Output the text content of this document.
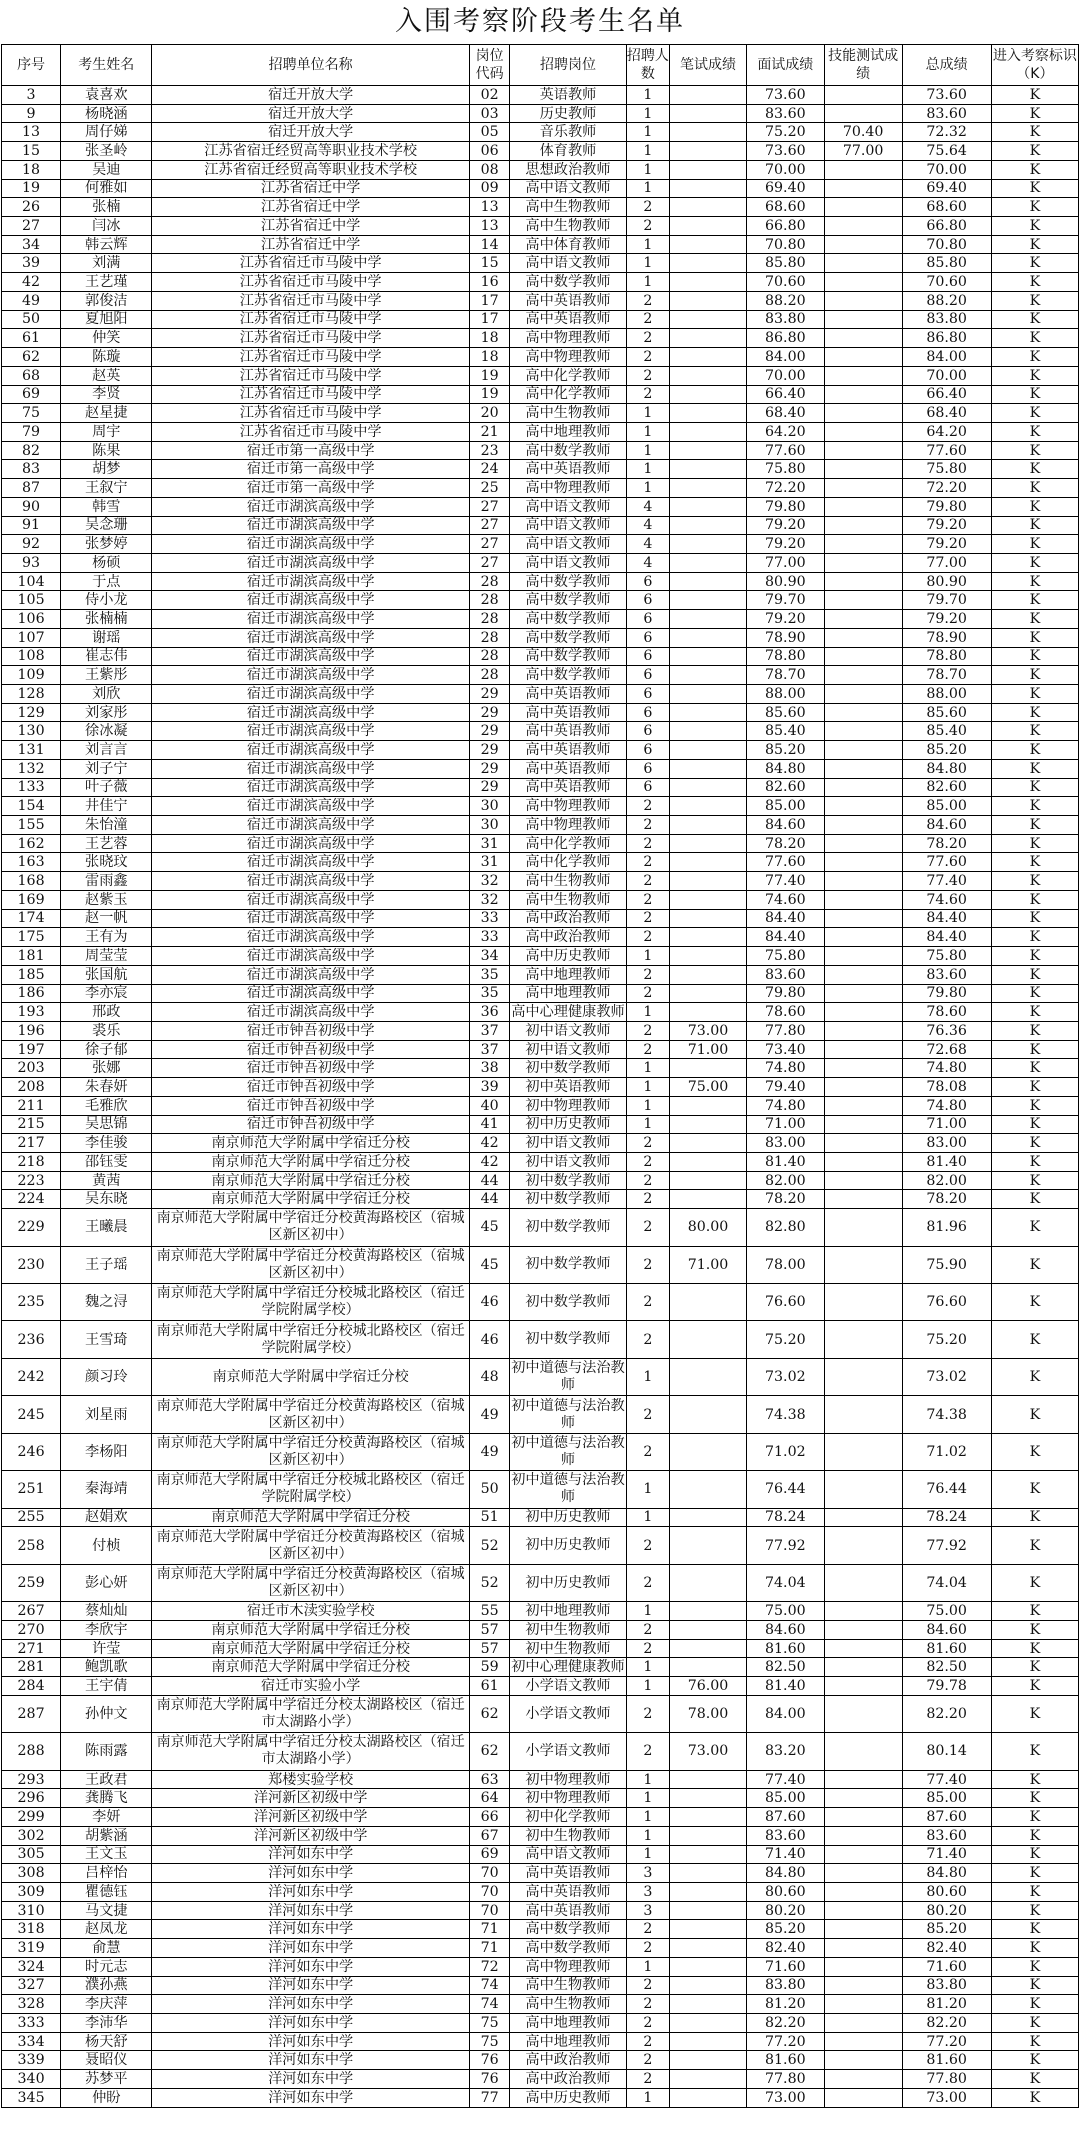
入围考察阶段考生名单
序号	考生姓名	招聘单位名称	岗位代码	招聘岗位	招聘人数	笔试成绩	面试成绩	技能测试成绩	总成绩	进入考察标识（K）
3	袁喜欢	宿迁开放大学	02	英语教师	1		73.60		73.60	K
9	杨晓涵	宿迁开放大学	03	历史教师	1		83.60		83.60	K
13	周仔娣	宿迁开放大学	05	音乐教师	1		75.20	70.40	72.32	K
15	张圣岭	江苏省宿迁经贸高等职业技术学校	06	体育教师	1		73.60	77.00	75.64	K
18	吴迪	江苏省宿迁经贸高等职业技术学校	08	思想政治教师	1		70.00		70.00	K
19	何雅如	江苏省宿迁中学	09	高中语文教师	1		69.40		69.40	K
26	张楠	江苏省宿迁中学	13	高中生物教师	2		68.60		68.60	K
27	闫冰	江苏省宿迁中学	13	高中生物教师	2		66.80		66.80	K
34	韩云辉	江苏省宿迁中学	14	高中体育教师	1		70.80		70.80	K
39	刘满	江苏省宿迁市马陵中学	15	高中语文教师	1		85.80		85.80	K
42	王艺瑾	江苏省宿迁市马陵中学	16	高中数学教师	1		70.60		70.60	K
49	郭俊洁	江苏省宿迁市马陵中学	17	高中英语教师	2		88.20		88.20	K
50	夏旭阳	江苏省宿迁市马陵中学	17	高中英语教师	2		83.80		83.80	K
61	仲笑	江苏省宿迁市马陵中学	18	高中物理教师	2		86.80		86.80	K
62	陈璇	江苏省宿迁市马陵中学	18	高中物理教师	2		84.00		84.00	K
68	赵英	江苏省宿迁市马陵中学	19	高中化学教师	2		70.00		70.00	K
69	李贤	江苏省宿迁市马陵中学	19	高中化学教师	2		66.40		66.40	K
75	赵星捷	江苏省宿迁市马陵中学	20	高中生物教师	1		68.40		68.40	K
79	周宇	江苏省宿迁市马陵中学	21	高中地理教师	1		64.20		64.20	K
82	陈果	宿迁市第一高级中学	23	高中数学教师	1		77.60		77.60	K
83	胡梦	宿迁市第一高级中学	24	高中英语教师	1		75.80		75.80	K
87	王叙宁	宿迁市第一高级中学	25	高中物理教师	1		72.20		72.20	K
90	韩雪	宿迁市湖滨高级中学	27	高中语文教师	4		79.80		79.80	K
91	吴念珊	宿迁市湖滨高级中学	27	高中语文教师	4		79.20		79.20	K
92	张梦婷	宿迁市湖滨高级中学	27	高中语文教师	4		79.20		79.20	K
93	杨硕	宿迁市湖滨高级中学	27	高中语文教师	4		77.00		77.00	K
104	于点	宿迁市湖滨高级中学	28	高中数学教师	6		80.90		80.90	K
105	侍小龙	宿迁市湖滨高级中学	28	高中数学教师	6		79.70		79.70	K
106	张楠楠	宿迁市湖滨高级中学	28	高中数学教师	6		79.20		79.20	K
107	谢瑶	宿迁市湖滨高级中学	28	高中数学教师	6		78.90		78.90	K
108	崔志伟	宿迁市湖滨高级中学	28	高中数学教师	6		78.80		78.80	K
109	王紫彤	宿迁市湖滨高级中学	28	高中数学教师	6		78.70		78.70	K
128	刘欣	宿迁市湖滨高级中学	29	高中英语教师	6		88.00		88.00	K
129	刘家彤	宿迁市湖滨高级中学	29	高中英语教师	6		85.60		85.60	K
130	徐冰凝	宿迁市湖滨高级中学	29	高中英语教师	6		85.40		85.40	K
131	刘言言	宿迁市湖滨高级中学	29	高中英语教师	6		85.20		85.20	K
132	刘子宁	宿迁市湖滨高级中学	29	高中英语教师	6		84.80		84.80	K
133	叶子薇	宿迁市湖滨高级中学	29	高中英语教师	6		82.60		82.60	K
154	井佳宁	宿迁市湖滨高级中学	30	高中物理教师	2		85.00		85.00	K
155	朱怡潼	宿迁市湖滨高级中学	30	高中物理教师	2		84.60		84.60	K
162	王艺蓉	宿迁市湖滨高级中学	31	高中化学教师	2		78.20		78.20	K
163	张晓玟	宿迁市湖滨高级中学	31	高中化学教师	2		77.60		77.60	K
168	雷雨鑫	宿迁市湖滨高级中学	32	高中生物教师	2		77.40		77.40	K
169	赵紫玉	宿迁市湖滨高级中学	32	高中生物教师	2		74.60		74.60	K
174	赵一帆	宿迁市湖滨高级中学	33	高中政治教师	2		84.40		84.40	K
175	王有为	宿迁市湖滨高级中学	33	高中政治教师	2		84.40		84.40	K
181	周莹莹	宿迁市湖滨高级中学	34	高中历史教师	1		75.80		75.80	K
185	张国航	宿迁市湖滨高级中学	35	高中地理教师	2		83.60		83.60	K
186	李亦宸	宿迁市湖滨高级中学	35	高中地理教师	2		79.80		79.80	K
193	邢政	宿迁市湖滨高级中学	36	高中心理健康教师	1		78.60		78.60	K
196	裘乐	宿迁市钟吾初级中学	37	初中语文教师	2	73.00	77.80		76.36	K
197	徐子郁	宿迁市钟吾初级中学	37	初中语文教师	2	71.00	73.40		72.68	K
203	张娜	宿迁市钟吾初级中学	38	初中数学教师	1		74.80		74.80	K
208	朱春妍	宿迁市钟吾初级中学	39	初中英语教师	1	75.00	79.40		78.08	K
211	毛雅欣	宿迁市钟吾初级中学	40	初中物理教师	1		74.80		74.80	K
215	吴思锦	宿迁市钟吾初级中学	41	初中历史教师	1		71.00		71.00	K
217	李佳骏	南京师范大学附属中学宿迁分校	42	初中语文教师	2		83.00		83.00	K
218	邵钰雯	南京师范大学附属中学宿迁分校	42	初中语文教师	2		81.40		81.40	K
223	黄茜	南京师范大学附属中学宿迁分校	44	初中数学教师	2		82.00		82.00	K
224	吴东晓	南京师范大学附属中学宿迁分校	44	初中数学教师	2		78.20		78.20	K
229	王曦晨	南京师范大学附属中学宿迁分校黄海路校区（宿城区新区初中）	45	初中数学教师	2	80.00	82.80		81.96	K
230	王子瑶	南京师范大学附属中学宿迁分校黄海路校区（宿城区新区初中）	45	初中数学教师	2	71.00	78.00		75.90	K
235	魏之浔	南京师范大学附属中学宿迁分校城北路校区（宿迁学院附属学校）	46	初中数学教师	2		76.60		76.60	K
236	王雪琦	南京师范大学附属中学宿迁分校城北路校区（宿迁学院附属学校）	46	初中数学教师	2		75.20		75.20	K
242	颜习玲	南京师范大学附属中学宿迁分校	48	初中道德与法治教师	1		73.02		73.02	K
245	刘星雨	南京师范大学附属中学宿迁分校黄海路校区（宿城区新区初中）	49	初中道德与法治教师	2		74.38		74.38	K
246	李杨阳	南京师范大学附属中学宿迁分校黄海路校区（宿城区新区初中）	49	初中道德与法治教师	2		71.02		71.02	K
251	秦海靖	南京师范大学附属中学宿迁分校城北路校区（宿迁学院附属学校）	50	初中道德与法治教师	1		76.44		76.44	K
255	赵娟欢	南京师范大学附属中学宿迁分校	51	初中历史教师	1		78.24		78.24	K
258	付桢	南京师范大学附属中学宿迁分校黄海路校区（宿城区新区初中）	52	初中历史教师	2		77.92		77.92	K
259	彭心妍	南京师范大学附属中学宿迁分校黄海路校区（宿城区新区初中）	52	初中历史教师	2		74.04		74.04	K
267	蔡灿灿	宿迁市木渎实验学校	55	初中地理教师	1		75.00		75.00	K
270	李欣宇	南京师范大学附属中学宿迁分校	57	初中生物教师	2		84.60		84.60	K
271	许莹	南京师范大学附属中学宿迁分校	57	初中生物教师	2		81.60		81.60	K
281	鲍凯歌	南京师范大学附属中学宿迁分校	59	初中心理健康教师	1		82.50		82.50	K
284	王宇倩	宿迁市实验小学	61	小学语文教师	1	76.00	81.40		79.78	K
287	孙仲文	南京师范大学附属中学宿迁分校太湖路校区（宿迁市太湖路小学）	62	小学语文教师	2	78.00	84.00		82.20	K
288	陈雨露	南京师范大学附属中学宿迁分校太湖路校区（宿迁市太湖路小学）	62	小学语文教师	2	73.00	83.20		80.14	K
293	王政君	郑楼实验学校	63	初中物理教师	1		77.40		77.40	K
296	龚腾飞	洋河新区初级中学	64	初中物理教师	1		85.00		85.00	K
299	李妍	洋河新区初级中学	66	初中化学教师	1		87.60		87.60	K
302	胡紫涵	洋河新区初级中学	67	初中生物教师	1		83.60		83.60	K
305	王文玉	洋河如东中学	69	高中语文教师	1		71.40		71.40	K
308	吕梓怡	洋河如东中学	70	高中英语教师	3		84.80		84.80	K
309	瞿德钰	洋河如东中学	70	高中英语教师	3		80.60		80.60	K
310	马文捷	洋河如东中学	70	高中英语教师	3		80.20		80.20	K
318	赵凤龙	洋河如东中学	71	高中数学教师	2		85.20		85.20	K
319	俞慧	洋河如东中学	71	高中数学教师	2		82.40		82.40	K
324	时元志	洋河如东中学	72	高中物理教师	1		71.60		71.60	K
327	濮孙燕	洋河如东中学	74	高中生物教师	2		83.80		83.80	K
328	李庆萍	洋河如东中学	74	高中生物教师	2		81.20		81.20	K
333	李沛华	洋河如东中学	75	高中地理教师	2		82.20		82.20	K
334	杨天舒	洋河如东中学	75	高中地理教师	2		77.20		77.20	K
339	聂昭仪	洋河如东中学	76	高中政治教师	2		81.60		81.60	K
340	苏梦平	洋河如东中学	76	高中政治教师	2		77.80		77.80	K
345	仲盼	洋河如东中学	77	高中历史教师	1		73.00		73.00	K
